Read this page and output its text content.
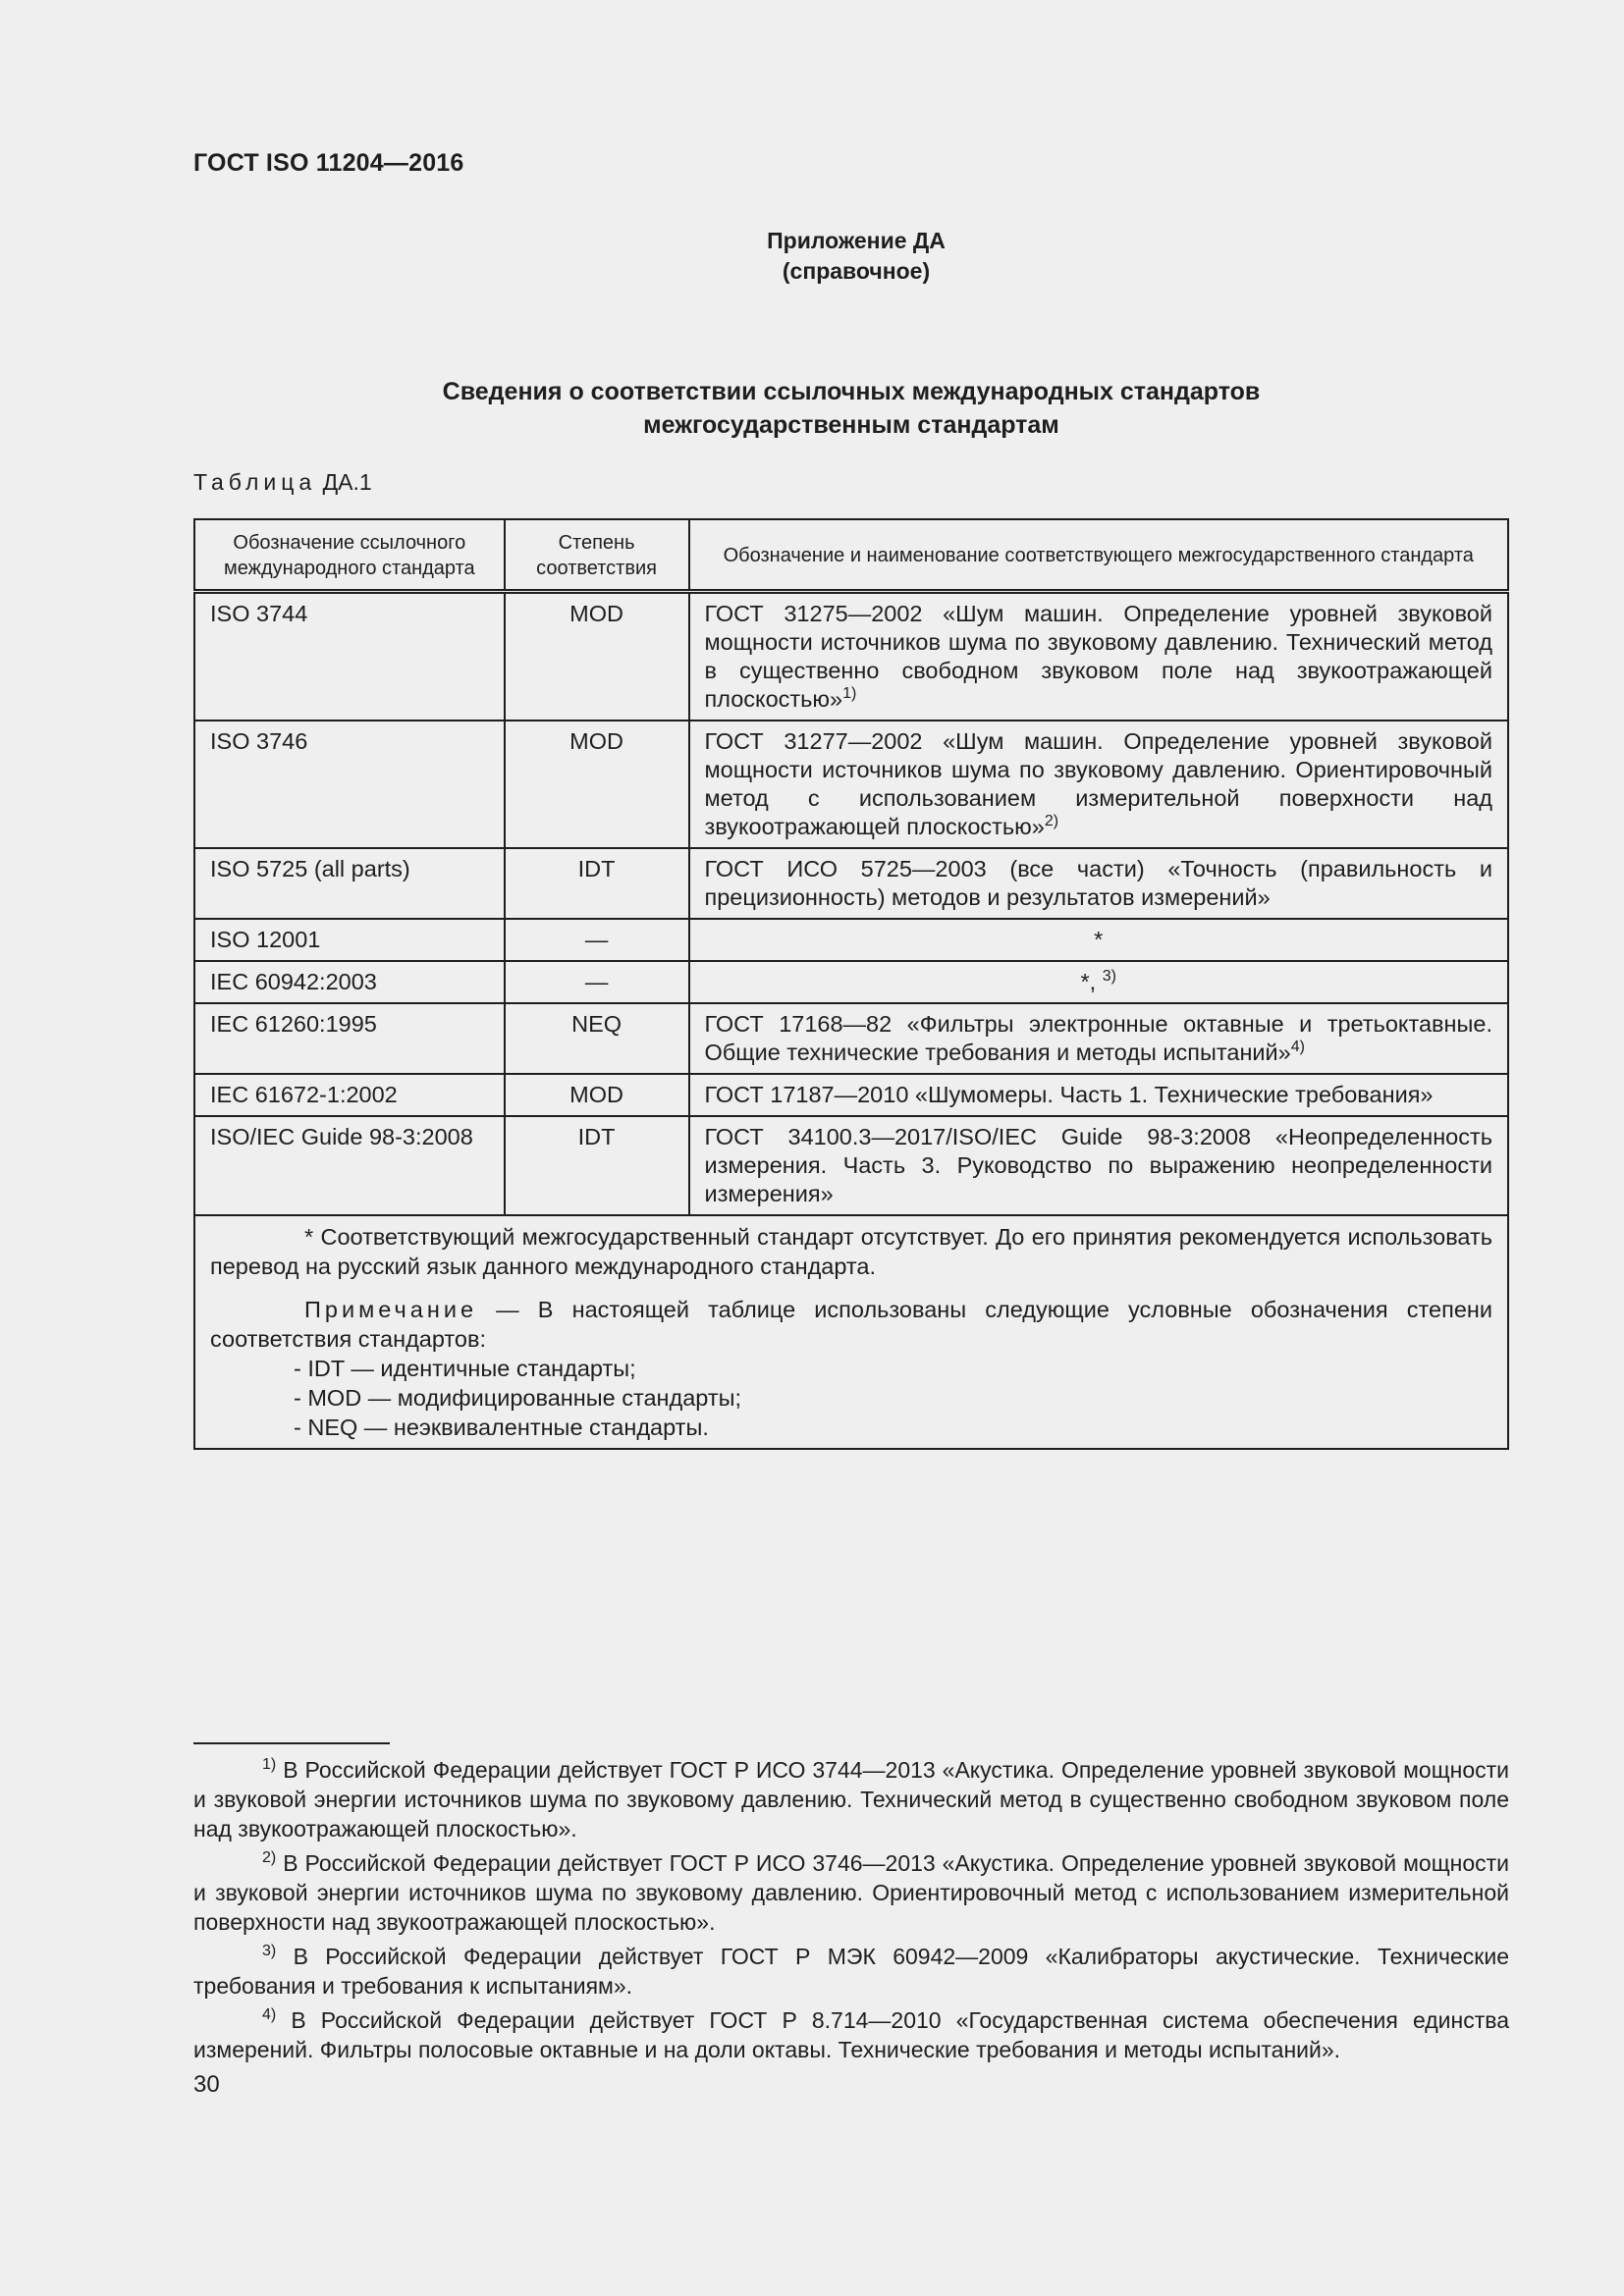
ГОСТ ISO 11204—2016
Приложение ДА
(справочное)
Сведения о соответствии ссылочных международных стандартов
межгосударственным стандартам
Таблица ДА.1
Обозначение ссылочного международного стандарта	Степень соответствия	Обозначение и наименование соответствующего межгосударственного стандарта
ISO 3744	MOD	ГОСТ 31275—2002 «Шум машин. Определение уровней звуковой мощности источников шума по звуковому давлению. Технический метод в существенно свободном звуковом поле над звукоотражающей плоскостью»$^{1)}$
ISO 3746	MOD	ГОСТ 31277—2002 «Шум машин. Определение уровней звуковой мощности источников шума по звуковому давлению. Ориентировочный метод с использованием измерительной поверхности над звукоотражающей плоскостью»$^{2)}$
ISO 5725 (all parts)	IDT	ГОСТ ИСО 5725—2003 (все части) «Точность (правильность и прецизионность) методов и результатов измерений»
ISO 12001	—	*
IEC 60942:2003	—	*, $^{3)}$
IEC 61260:1995	NEQ	ГОСТ 17168—82 «Фильтры электронные октавные и третьоктавные. Общие технические требования и методы испытаний»$^{4)}$
IEC 61672-1:2002	MOD	ГОСТ 17187—2010 «Шумомеры. Часть 1. Технические требования»
ISO/IEC Guide 98-3:2008	IDT	ГОСТ 34100.3—2017/ISO/IEC Guide 98-3:2008 «Неопределенность измерения. Часть 3. Руководство по выражению неопределенности измерения»

* Соответствующий межгосударственный стандарт отсутствует. До его принятия рекомендуется использовать перевод на русский язык данного международного стандарта.
Примечание — В настоящей таблице использованы следующие условные обозначения степени соответствия стандартов:
- IDT — идентичные стандарты;
- MOD — модифицированные стандарты;
- NEQ — неэквивалентные стандарты.		
$^{1)}$ В Российской Федерации действует ГОСТ Р ИСО 3744—2013 «Акустика. Определение уровней звуковой мощности и звуковой энергии источников шума по звуковому давлению. Технический метод в существенно свободном звуковом поле над звукоотражающей плоскостью».
$^{2)}$ В Российской Федерации действует ГОСТ Р ИСО 3746—2013 «Акустика. Определение уровней звуковой мощности и звуковой энергии источников шума по звуковому давлению. Ориентировочный метод с использованием измерительной поверхности над звукоотражающей плоскостью».
$^{3)}$ В Российской Федерации действует ГОСТ Р МЭК 60942—2009 «Калибраторы акустические. Технические требования и требования к испытаниям».
$^{4)}$ В Российской Федерации действует ГОСТ Р 8.714—2010 «Государственная система обеспечения единства измерений. Фильтры полосовые октавные и на доли октавы. Технические требования и методы испытаний».
30
